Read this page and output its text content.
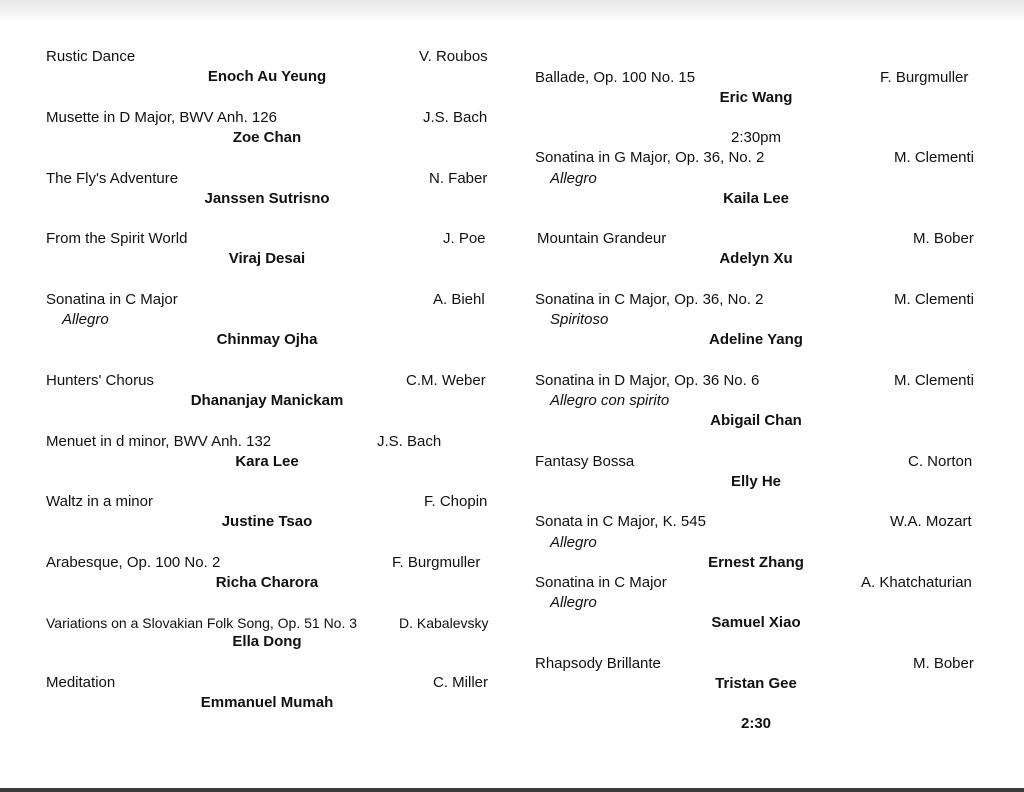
Rustic Dance	V. Roubos
Enoch Au Yeung
Musette in D Major, BWV Anh. 126	J.S. Bach
Zoe Chan
The Fly's Adventure	N. Faber
Janssen Sutrisno
From the Spirit World	J. Poe
Viraj Desai
Sonatina in C Major	A. Biehl
Allegro
Chinmay Ojha
Hunters' Chorus	C.M. Weber
Dhananjay Manickam
Menuet in d minor, BWV Anh. 132	J.S. Bach
Kara Lee
Waltz in a minor	F. Chopin
Justine Tsao
Arabesque, Op. 100 No. 2	F. Burgmuller
Richa Charora
Variations on a Slovakian Folk Song, Op. 51 No. 3	D. Kabalevsky
Ella Dong
Meditation	C. Miller
Emmanuel Mumah
Ballade, Op. 100 No. 15	F. Burgmuller
Eric Wang
2:30pm
Sonatina in G Major, Op. 36, No. 2	M. Clementi
Allegro
Kaila Lee
Mountain Grandeur	M. Bober
Adelyn Xu
Sonatina in C Major, Op. 36, No. 2	M. Clementi
Spiritoso
Adeline Yang
Sonatina in D Major, Op. 36 No. 6	M. Clementi
Allegro con spirito
Abigail Chan
Fantasy Bossa	C. Norton
Elly He
Sonata in C Major, K. 545	W.A. Mozart
Allegro
Ernest Zhang
Sonatina in C Major	A. Khatchaturian
Allegro
Samuel Xiao
Rhapsody Brillante	M. Bober
Tristan Gee
2:30
